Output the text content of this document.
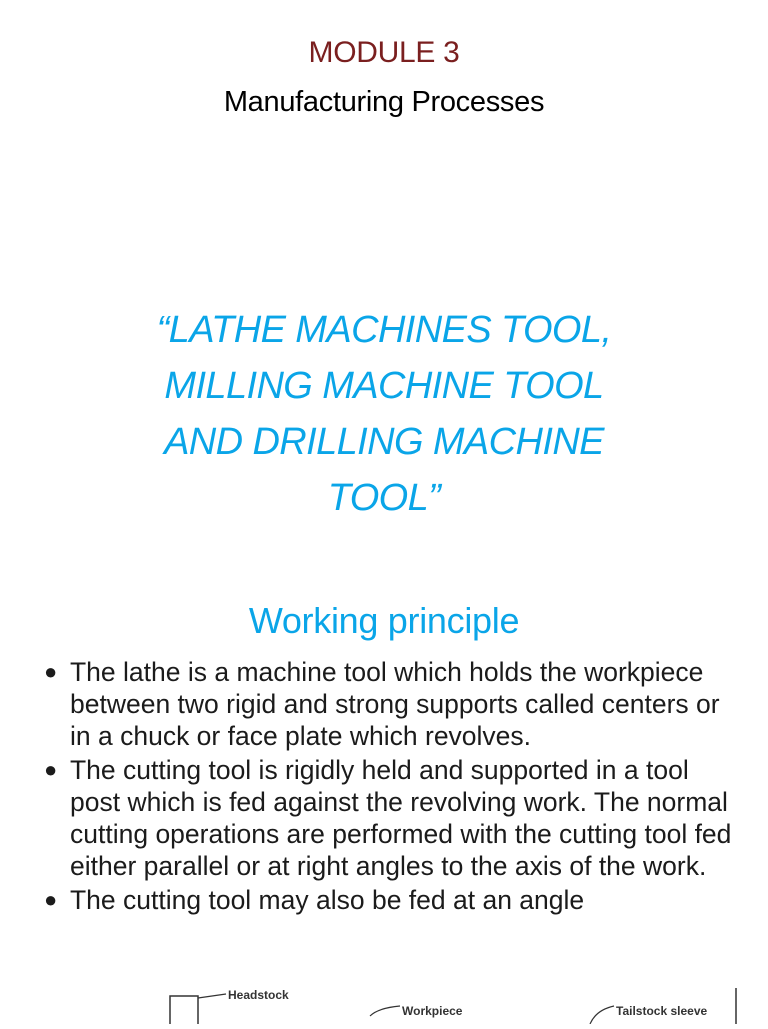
MODULE 3
Manufacturing Processes
“LATHE MACHINES TOOL,
MILLING MACHINE TOOL
AND DRILLING MACHINE
TOOL”
Working principle
● The lathe is a machine tool which holds the workpiece between two rigid and strong supports called centers or in a chuck or face plate which revolves.
● The cutting tool is rigidly held and supported in a tool post which is fed against the revolving work. The normal cutting operations are performed with the cutting tool fed either parallel or at right angles to the axis of the work.
● The cutting tool may also be fed at an angle
Headstock
Workpiece	Tailstock sleeve
